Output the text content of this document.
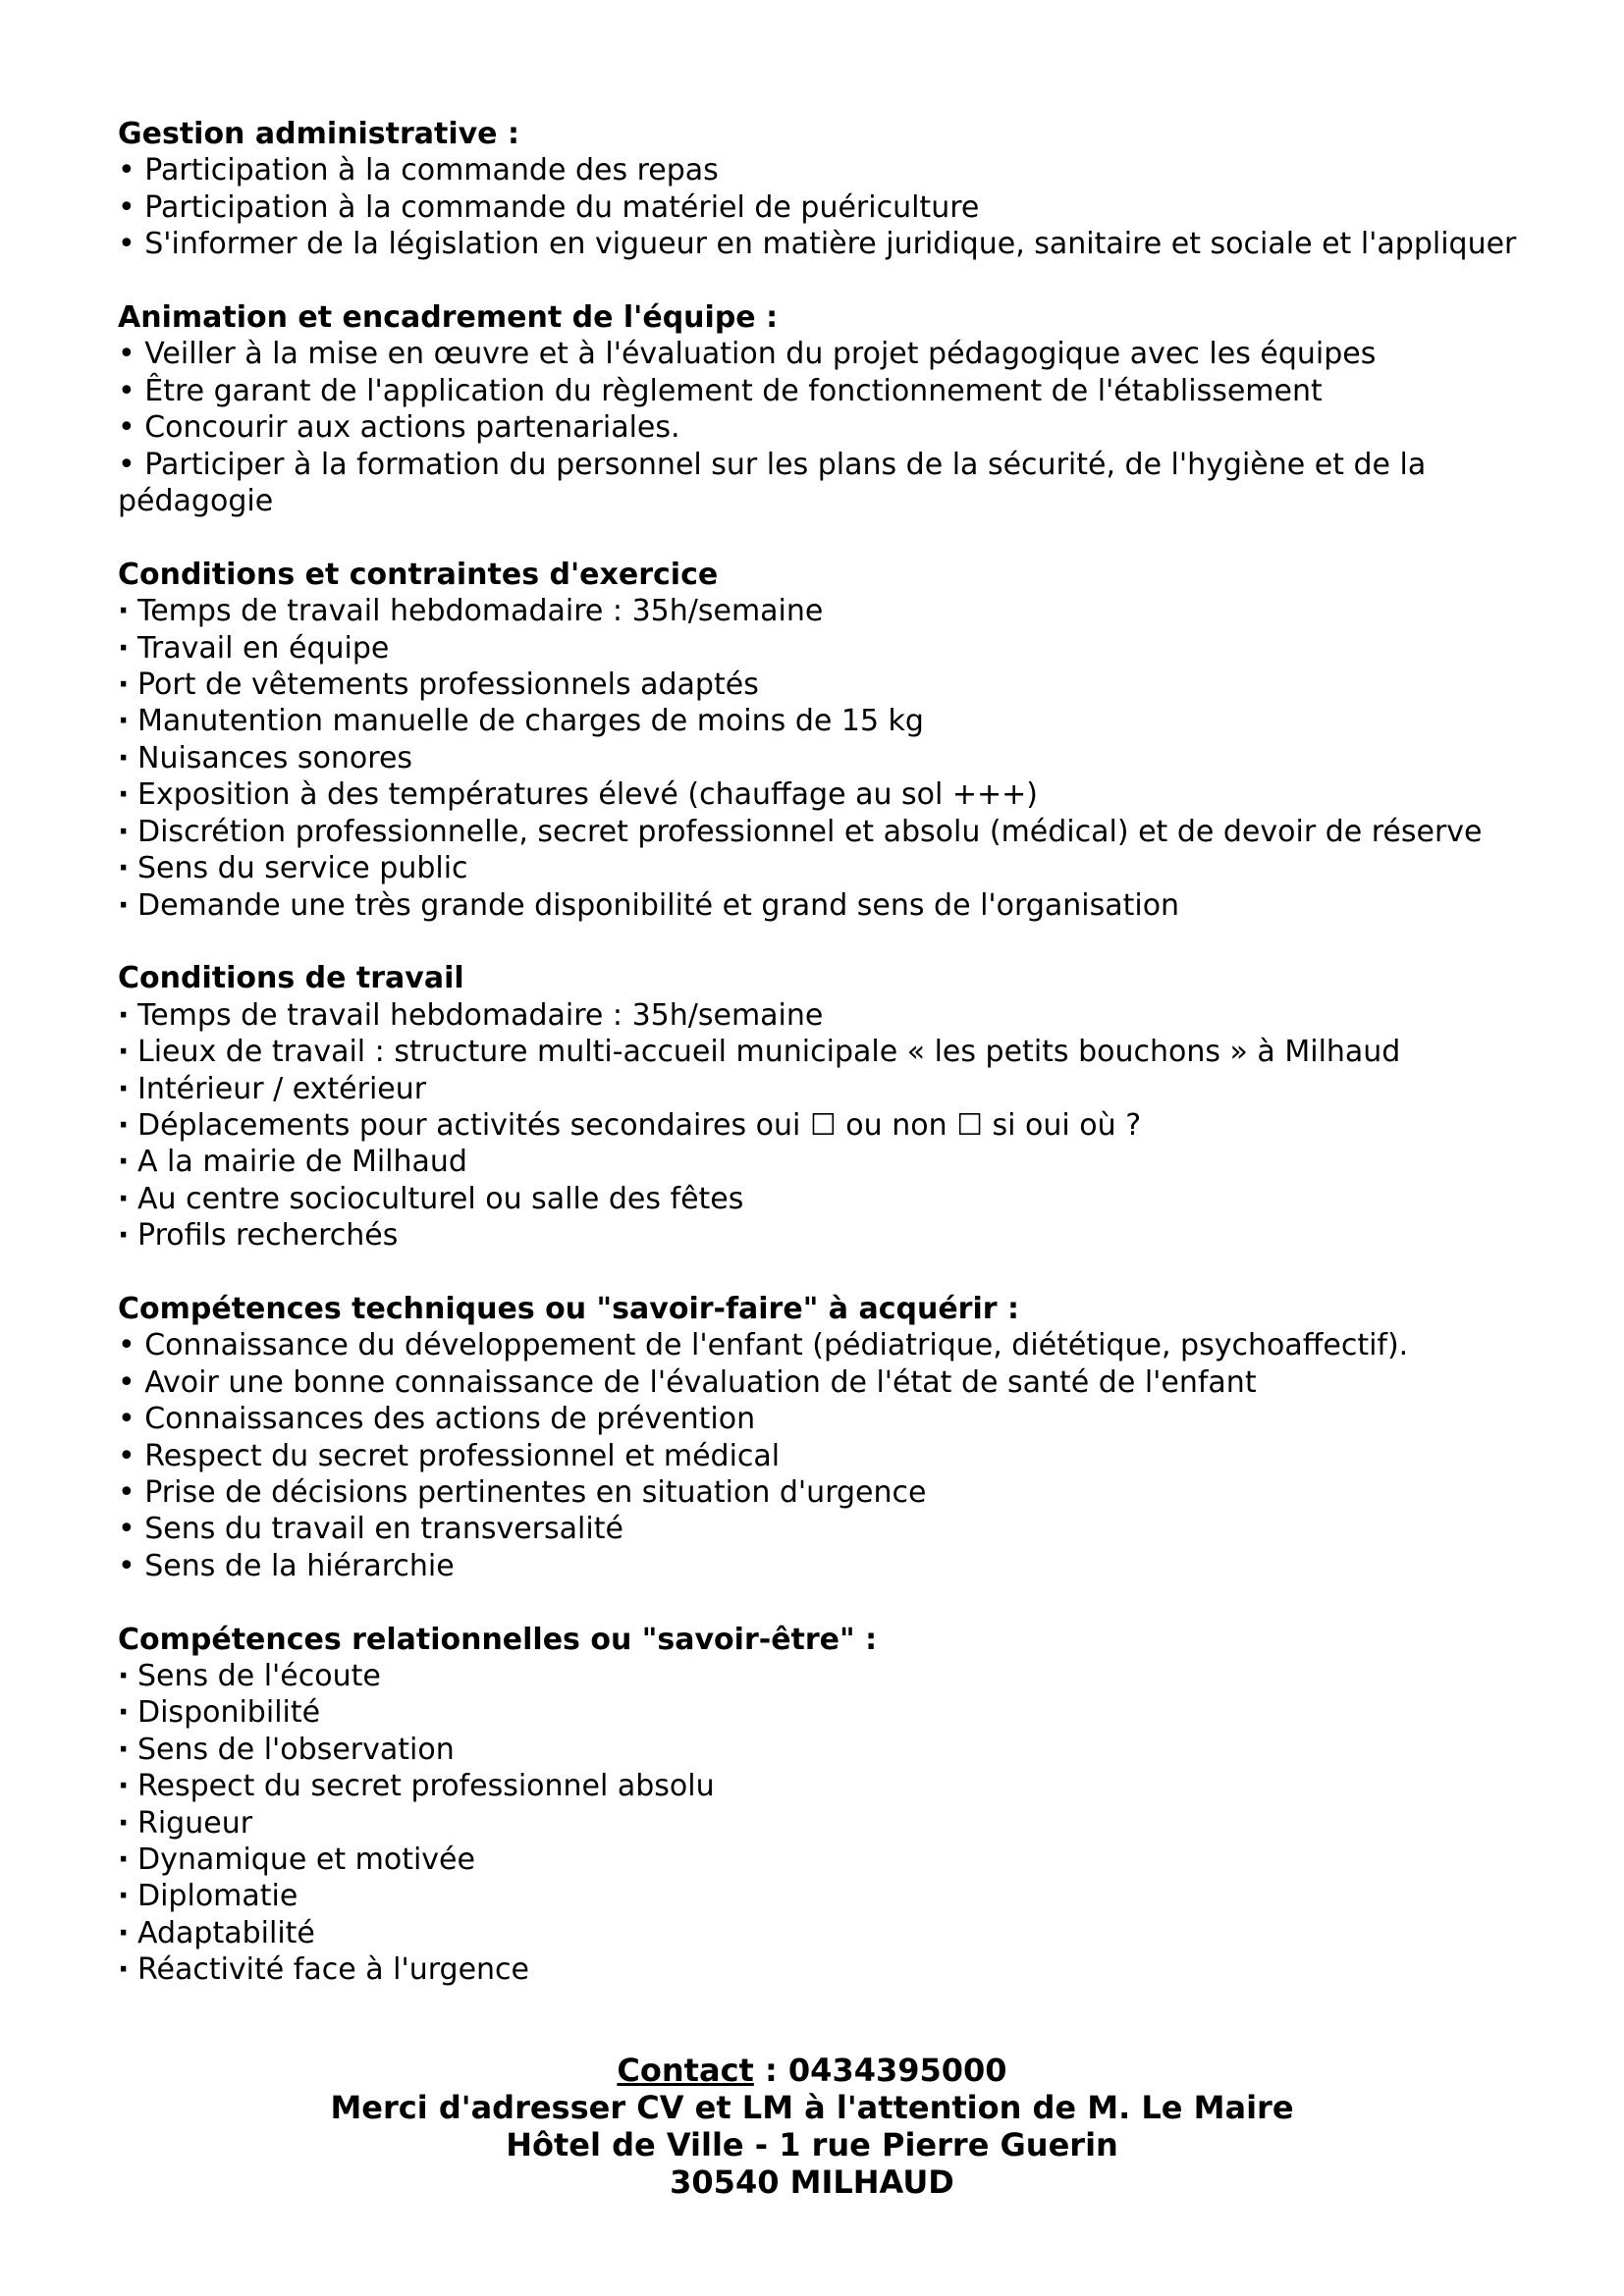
Gestion administrative :
• Participation à la commande des repas
• Participation à la commande du matériel de puériculture
• S'informer de la législation en vigueur en matière juridique, sanitaire et sociale et l'appliquer
Animation et encadrement de l'équipe :
• Veiller à la mise en œuvre et à l'évaluation du projet pédagogique avec les équipes
• Être garant de l'application du règlement de fonctionnement de l'établissement
• Concourir aux actions partenariales.
• Participer à la formation du personnel sur les plans de la sécurité, de l'hygiène et de la pédagogie
Conditions et contraintes d'exercice
∙ Temps de travail hebdomadaire : 35h/semaine
∙ Travail en équipe
∙ Port de vêtements professionnels adaptés
∙ Manutention manuelle de charges de moins de 15 kg
∙ Nuisances sonores
∙ Exposition à des températures élevé (chauffage au sol +++)
∙ Discrétion professionnelle, secret professionnel et absolu (médical) et de devoir de réserve
∙ Sens du service public
∙ Demande une très grande disponibilité et grand sens de l'organisation
Conditions de travail
∙ Temps de travail hebdomadaire : 35h/semaine
∙ Lieux de travail : structure multi-accueil municipale « les petits bouchons » à Milhaud
∙ Intérieur / extérieur
∙ Déplacements pour activités secondaires oui ☐ ou non ☐ si oui où ?
∙ A la mairie de Milhaud
∙ Au centre socioculturel ou salle des fêtes
∙ Profils recherchés
Compétences techniques ou "savoir-faire" à acquérir :
• Connaissance du développement de l'enfant (pédiatrique, diététique, psychoaffectif).
• Avoir une bonne connaissance de l'évaluation de l'état de santé de l'enfant
• Connaissances des actions de prévention
• Respect du secret professionnel et médical
• Prise de décisions pertinentes en situation d'urgence
• Sens du travail en transversalité
• Sens de la hiérarchie
Compétences relationnelles ou "savoir-être" :
∙ Sens de l'écoute
∙ Disponibilité
∙ Sens de l'observation
∙ Respect du secret professionnel absolu
∙ Rigueur
∙ Dynamique et motivée
∙ Diplomatie
∙ Adaptabilité
∙ Réactivité face à l'urgence
Contact : 0434395000
Merci d'adresser CV et LM à l'attention de M. Le Maire
Hôtel de Ville - 1 rue Pierre Guerin
30540 MILHAUD
